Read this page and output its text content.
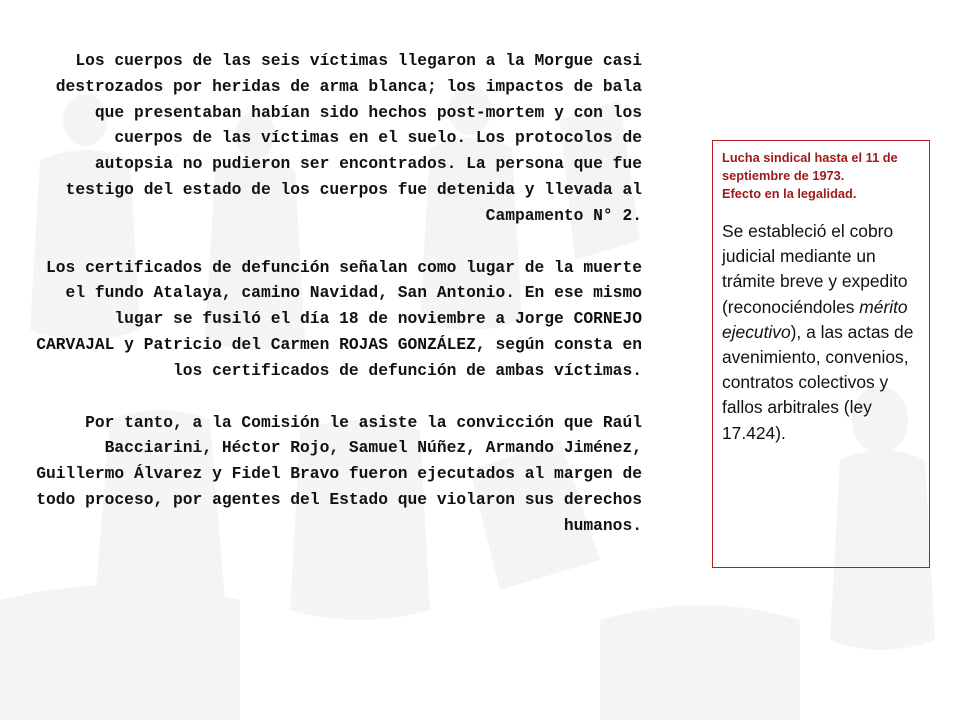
Los cuerpos de las seis víctimas llegaron a la Morgue casi destrozados por heridas de arma blanca; los impactos de bala que presentaban habían sido hechos post-mortem y con los cuerpos de las víctimas en el suelo. Los protocolos de autopsia no pudieron ser encontrados. La persona que fue testigo del estado de los cuerpos fue detenida y llevada al Campamento N° 2.

Los certificados de defunción señalan como lugar de la muerte el fundo Atalaya, camino Navidad, San Antonio. En ese mismo lugar se fusiló el día 18 de noviembre a Jorge CORNEJO CARVAJAL y Patricio del Carmen ROJAS GONZÁLEZ, según consta en los certificados de defunción de ambas víctimas.

Por tanto, a la Comisión le asiste la convicción que Raúl Bacciarini, Héctor Rojo, Samuel Núñez, Armando Jiménez, Guillermo Álvarez y Fidel Bravo fueron ejecutados al margen de todo proceso, por agentes del Estado que violaron sus derechos humanos.

Lucha sindical hasta el 11 de septiembre de 1973.
Efecto en la legalidad.
Se estableció el cobro judicial mediante un trámite breve y expedito (reconociéndoles mérito ejecutivo), a las actas de avenimiento, convenios, contratos colectivos y fallos arbitrales (ley 17.424).
